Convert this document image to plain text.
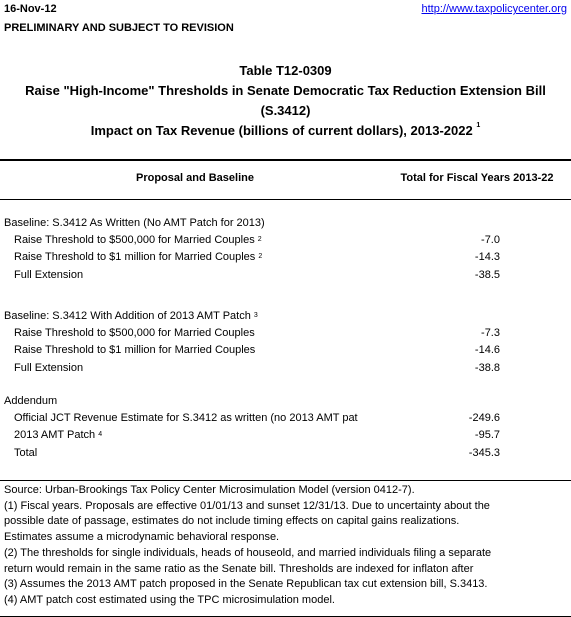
16-Nov-12	http://www.taxpolicycenter.org
PRELIMINARY AND SUBJECT TO REVISION
Table T12-0309
Raise "High-Income" Thresholds in Senate Democratic Tax Reduction Extension Bill
(S.3412)
Impact on Tax Revenue (billions of current dollars), 2013-2022 $^1$
Proposal and Baseline	Total for Fiscal Years 2013-22
Baseline: S.3412 As Written (No AMT Patch for 2013)
Raise Threshold to $500,000 for Married Couples $^2$	-7.0
Raise Threshold to $1 million for Married Couples $^2$	-14.3
Full Extension	-38.5
Baseline: S.3412 With Addition of 2013 AMT Patch $^3$
Raise Threshold to $500,000 for Married Couples	-7.3
Raise Threshold to $1 million for Married Couples	-14.6
Full Extension	-38.8
Addendum
Official JCT Revenue Estimate for S.3412 as written (no 2013 AMT pat	-249.6
2013 AMT Patch $^4$	-95.7
Total	-345.3
Source: Urban-Brookings Tax Policy Center Microsimulation Model (version 0412-7).
(1) Fiscal years. Proposals are effective 01/01/13 and sunset 12/31/13. Due to uncertainty about the
possible date of passage, estimates do not include timing effects on capital gains realizations.
Estimates assume a microdynamic behavioral response.
(2) The thresholds for single individuals, heads of houseold, and married individuals filing a separate
return would remain in the same ratio as the Senate bill. Thresholds are indexed for inflaton after
(3) Assumes the 2013 AMT patch proposed in the Senate Republican tax cut extension bill, S.3413.
(4) AMT patch cost estimated using the TPC microsimulation model.
